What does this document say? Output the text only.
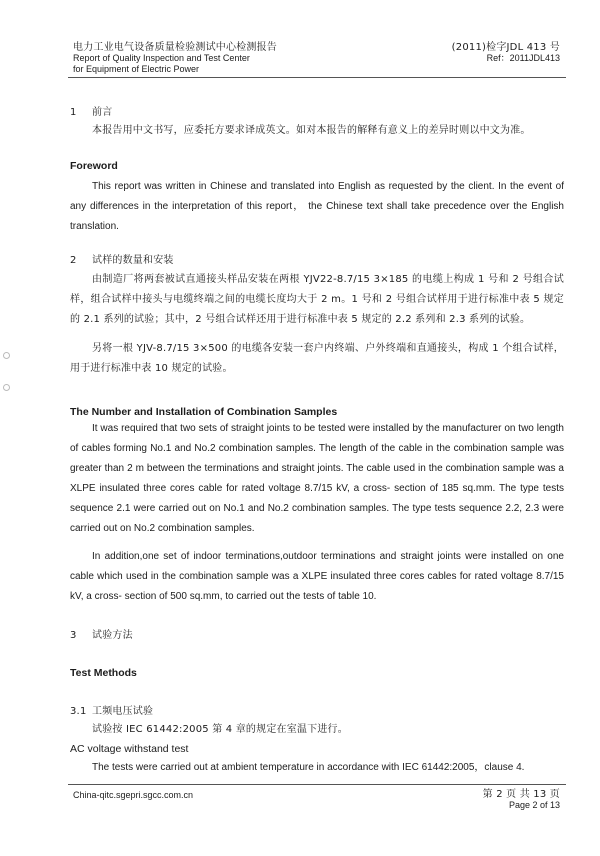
电力工业电气设备质量检验测试中心检测报告
Report of Quality Inspection and Test Center
for Equipment of Electric Power
(2011)检字JDL 413 号
Ref：2011JDL413
1 前言
本报告用中文书写，应委托方要求译成英文。如对本报告的解释有意义上的差异时则以中文为准。
Foreword
This report was written in Chinese and translated into English as requested by the client. In the event of any differences in the interpretation of this report， the Chinese text shall take precedence over the English translation.
2 试样的数量和安装
由制造厂将两套被试直通接头样品安装在两根 YJV22-8.7/15 3×185 的电缆上构成 1 号和 2 号组合试样，组合试样中接头与电缆终端之间的电缆长度均大于 2 m。1 号和 2 号组合试样用于进行标准中表 5 规定的 2.1 系列的试验；其中，2 号组合试样还用于进行标准中表 5 规定的 2.2 系列和 2.3 系列的试验。
另将一根 YJV-8.7/15 3×500 的电缆各安装一套户内终端、户外终端和直通接头，构成 1 个组合试样，用于进行标准中表 10 规定的试验。
The Number and Installation of Combination Samples
It was required that two sets of straight joints to be tested were installed by the manufacturer on two length of cables forming No.1 and No.2 combination samples. The length of the cable in the combination sample was greater than 2 m between the terminations and straight joints. The cable used in the combination sample was a XLPE insulated three cores cable for rated voltage 8.7/15 kV, a cross- section of 185 sq.mm. The type tests sequence 2.1 were carried out on No.1 and No.2 combination samples. The type tests sequence 2.2, 2.3 were carried out on No.2 combination samples.
In addition,one set of indoor terminations,outdoor terminations and straight joints were installed on one cable which used in the combination sample was a XLPE insulated three cores cables for rated voltage 8.7/15 kV, a cross- section of 500 sq.mm, to carried out the tests of table 10.
3 试验方法
Test Methods
3.1 工频电压试验
试验按 IEC 61442:2005 第 4 章的规定在室温下进行。
AC voltage withstand test
The tests were carried out at ambient temperature in accordance with IEC 61442:2005，clause 4.
China-qitc.sgepri.sgcc.com.cn	第 2 页 共 13 页
Page 2 of 13
